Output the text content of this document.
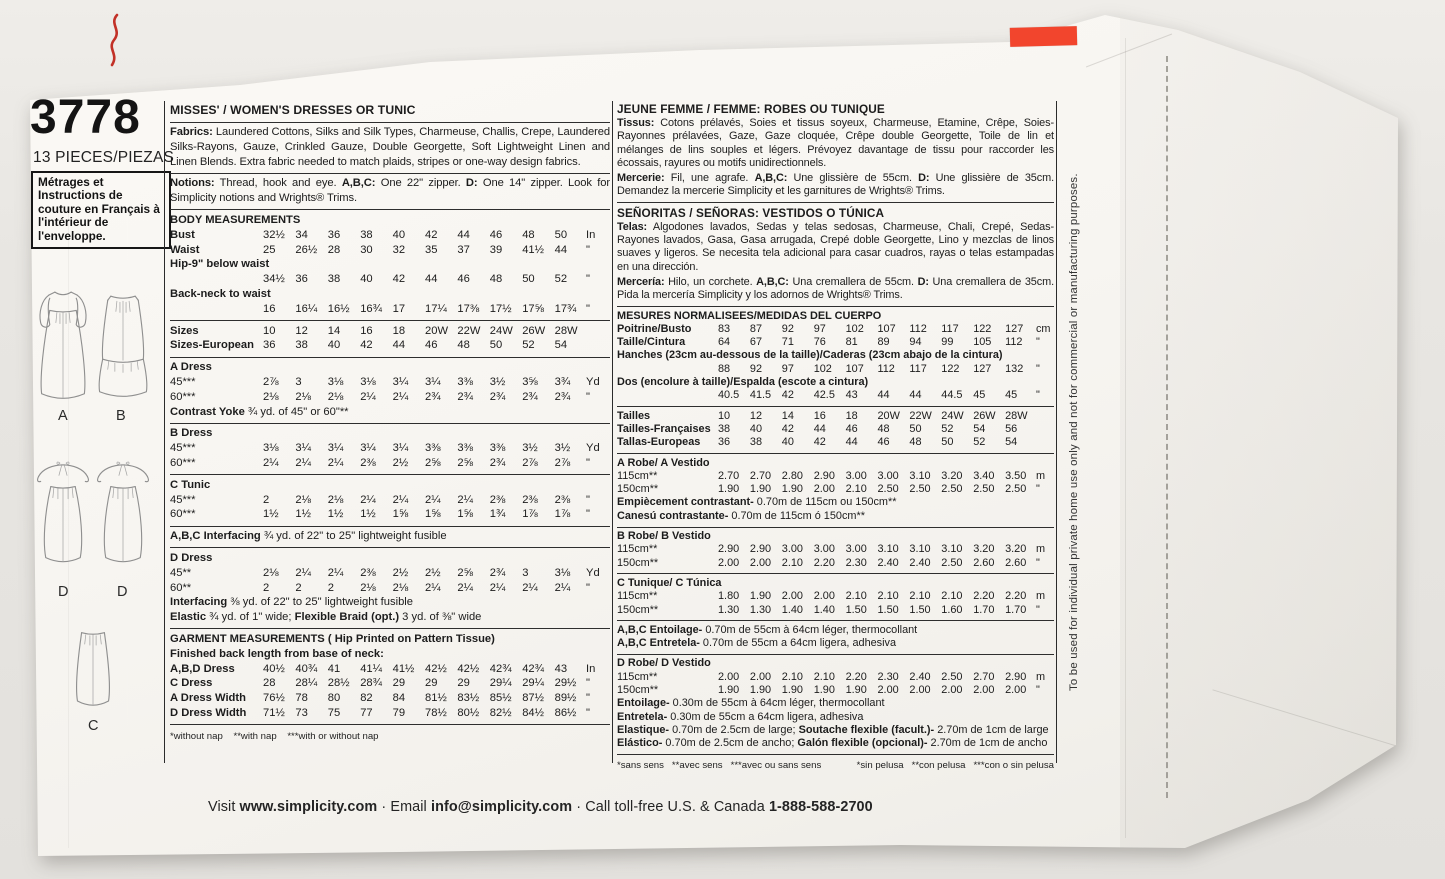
3778
13 PIECES/PIEZAS
Métrages et Instructions de couture en Français à l'intérieur de l'enveloppe.
A	B
D	D
C
MISSES' / WOMEN'S DRESSES OR TUNIC
Fabrics: Laundered Cottons, Silks and Silk Types, Charmeuse, Challis, Crepe, Laundered Silks-Rayons, Gauze, Crinkled Gauze, Double Georgette, Soft Lightweight Linen and Linen Blends. Extra fabric needed to match plaids, stripes or one-way design fabrics.
Notions: Thread, hook and eye. A,B,C: One 22" zipper. D: One 14" zipper. Look for Simplicity notions and Wrights® Trims.
BODY MEASUREMENTS
Bust	32½ 34	36	38	40	42	44	46	48	50	In
Waist	25	26½ 28	30	32	35	37	39	41½ 44	"
Hip-9" below waist
34½ 36	38	40	42	44	46	48	50	52	"
Back-neck to waist
16	16¼ 16½ 16¾ 17	17¼ 17⅜ 17½ 17⅝ 17¾ "
Sizes	10	12	14	16	18	20W 22W 24W 26W 28W
Sizes-European 36	38	40	42	44	46	48	50	52	54
A Dress
45***	2⅞	3	3⅛	3⅛	3¼	3¼	3⅜	3½	3⅝	3¾	Yd
60***	2⅛	2⅛	2⅛	2¼	2¼	2¾	2¾	2¾	2¾	2¾	"
Contrast Yoke ¾ yd. of 45" or 60"**
B Dress
45***	3⅛	3¼	3¼	3¼	3¼	3⅜	3⅜	3⅜	3½	3½	Yd
60***	2¼	2¼	2¼	2⅜	2½	2⅝	2⅝	2¾	2⅞	2⅞	"
C Tunic
45***	2	2⅛	2⅛	2¼	2¼	2¼	2¼	2⅜	2⅜	2⅜	"
60***	1½	1½	1½	1½	1⅝	1⅝	1⅝	1¾	1⅞	1⅞	"
A,B,C Interfacing ¾ yd. of 22" to 25" lightweight fusible
D Dress
45**	2⅛	2¼	2¼	2⅜	2½	2½	2⅝	2¾	3	3⅛	Yd
60**	2	2	2	2⅛	2⅛	2¼	2¼	2¼	2¼	2¼	"
Interfacing ⅜ yd. of 22" to 25" lightweight fusible
Elastic ¾ yd. of 1" wide; Flexible Braid (opt.) 3 yd. of ⅜" wide
GARMENT MEASUREMENTS ( Hip Printed on Pattern Tissue)
Finished back length from base of neck:
A,B,D Dress	40½ 40¾ 41	41¼ 41½ 42½ 42½ 42¾ 42¾ 43	In
C Dress	28	28¼ 28½ 28¾ 29	29	29	29¼ 29¼ 29½ "
A Dress Width	76½ 78	80	82	84	81½ 83½ 85½ 87½ 89½ "
D Dress Width	71½ 73	75	77	79	78½ 80½ 82½ 84½ 86½ "
*without nap    **with nap    ***with or without nap
JEUNE FEMME / FEMME: ROBES OU TUNIQUE
Tissus: Cotons prélavés, Soies et tissus soyeux, Charmeuse, Etamine, Crêpe, Soies-Rayonnes prélavées, Gaze, Gaze cloquée, Crêpe double Georgette, Toile de lin et mélanges de lins souples et légers. Prévoyez davantage de tissu pour raccorder les écossais, rayures ou motifs unidirectionnels.
Mercerie: Fil, une agrafe. A,B,C: Une glissière de 55cm. D: Une glissière de 35cm. Demandez la mercerie Simplicity et les garnitures de Wrights® Trims.
SEÑORITAS / SEÑORAS: VESTIDOS O TÚNICA
Telas: Algodones lavados, Sedas y telas sedosas, Charmeuse, Chali, Crepé, Sedas-Rayones lavados, Gasa, Gasa arrugada, Crepé doble Georgette, Lino y mezclas de linos suaves y ligeros. Se necesita tela adicional para casar cuadros, rayas o telas estampadas en una dirección.
Mercería: Hilo, un corchete. A,B,C: Una cremallera de 55cm. D: Una cremallera de 35cm. Pida la mercería Simplicity y los adornos de Wrights® Trims.
MESURES NORMALISEES/MEDIDAS DEL CUERPO
Poitrine/Busto	83	87	92	97	102	107	112	117	122	127	cm
Taille/Cintura	64	67	71	76	81	89	94	99	105	112	"
Hanches (23cm au-dessous de la taille)/Caderas (23cm abajo de la cintura)
88	92	97	102	107	112	117	122	127	132	"
Dos (encolure à taille)/Espalda (escote a cintura)
40.5 41.5 42	42.5 43	44	44	44.5 45	45	"
Tailles	10	12	14	16	18	20W 22W 24W 26W 28W
Tailles-Françaises 38	40	42	44	46	48	50	52	54	56
Tallas-Europeas	36	38	40	42	44	46	48	50	52	54
A Robe/ A Vestido
115cm**	2.70 2.70 2.80 2.90 3.00 3.00 3.10 3.20 3.40 3.50 m
150cm**	1.90 1.90 1.90 2.00 2.10 2.50 2.50 2.50 2.50 2.50 "
Empiècement contrastant- 0.70m de 115cm ou 150cm**
Canesú contrastante- 0.70m de 115cm ó 150cm**
B Robe/ B Vestido
115cm**	2.90 2.90 3.00 3.00 3.00 3.10 3.10 3.10 3.20 3.20 m
150cm**	2.00 2.00 2.10 2.20 2.30 2.40 2.40 2.50 2.60 2.60 "
C Tunique/ C Túnica
115cm**	1.80 1.90 2.00 2.00 2.10 2.10 2.10 2.10 2.20 2.20 m
150cm**	1.30 1.30 1.40 1.40 1.50 1.50 1.50 1.60 1.70 1.70 "
A,B,C Entoilage- 0.70m de 55cm à 64cm léger, thermocollant
A,B,C Entretela- 0.70m de 55cm a 64cm ligera, adhesiva
D Robe/ D Vestido
115cm**	2.00 2.00 2.10 2.10 2.20 2.30 2.40 2.50 2.70 2.90 m
150cm**	1.90 1.90 1.90 1.90 1.90 2.00 2.00 2.00 2.00 2.00 "
Entoilage- 0.30m de 55cm à 64cm léger, thermocollant
Entretela- 0.30m de 55cm a 64cm ligera, adhesiva
Elastique- 0.70m de 2.5cm de large; Soutache flexible (facult.)- 2.70m de 1cm de large
Elástico- 0.70m de 2.5cm de ancho; Galón flexible (opcional)- 2.70m de 1cm de ancho
*sans sens   **avec sens   ***avec ou sans sens	*sin pelusa   **con pelusa   ***con o sin pelusa
To be used for individual private home use only and not for commercial or manufacturing purposes.
Visit www.simplicity.com · Email info@simplicity.com · Call toll-free U.S. & Canada 1-888-588-2700
